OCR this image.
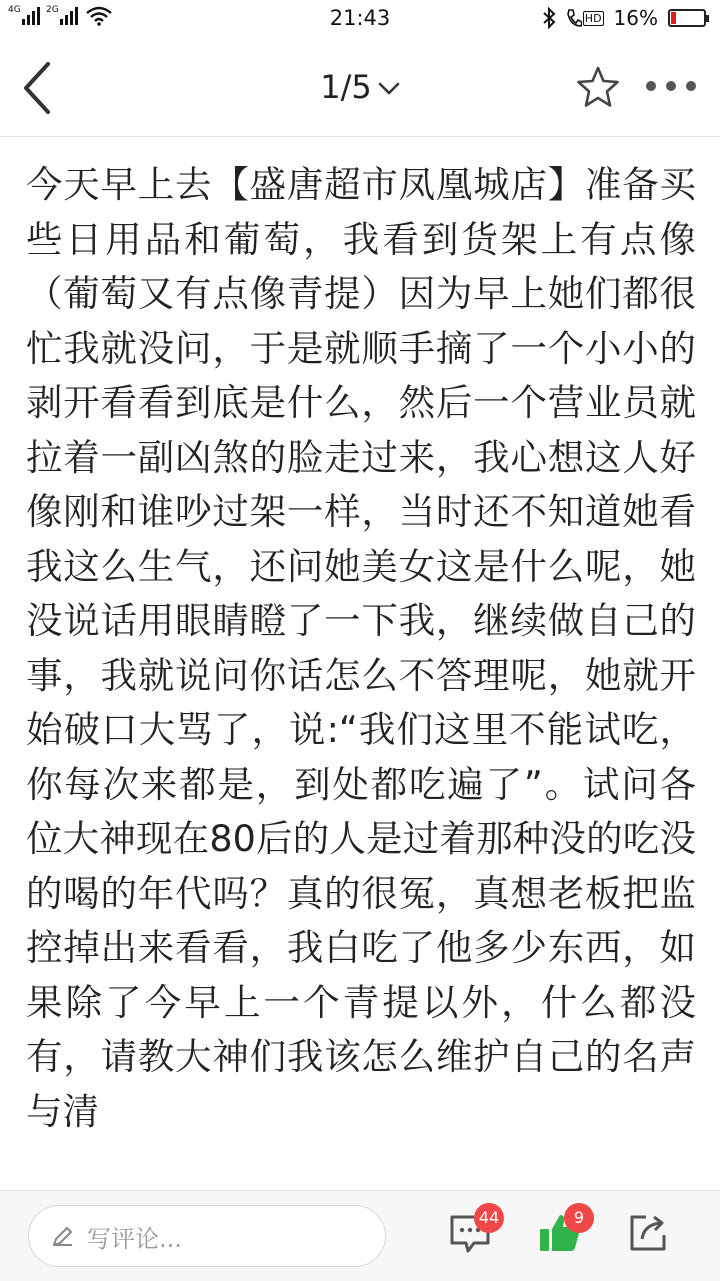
4G	2G	21:43	HD 16%
1/5
今天早上去【盛唐超市凤凰城店】准备买些日用品和葡萄，我看到货架上有点像（葡萄又有点像青提）因为早上她们都很忙我就没问，于是就顺手摘了一个小小的剥开看看到底是什么，然后一个营业员就拉着一副凶煞的脸走过来，我心想这人好像刚和谁吵过架一样，当时还不知道她看我这么生气，还问她美女这是什么呢，她没说话用眼睛瞪了一下我，继续做自己的事，我就说问你话怎么不答理呢，她就开始破口大骂了，说:“我们这里不能试吃，你每次来都是，到处都吃遍了”。试问各位大神现在80后的人是过着那种没的吃没的喝的年代吗？真的很冤，真想老板把监控掉出来看看，我白吃了他多少东西，如果除了今早上一个青提以外，什么都没有，请教大神们我该怎么维护自己的名声与清
写评论...
44	9
